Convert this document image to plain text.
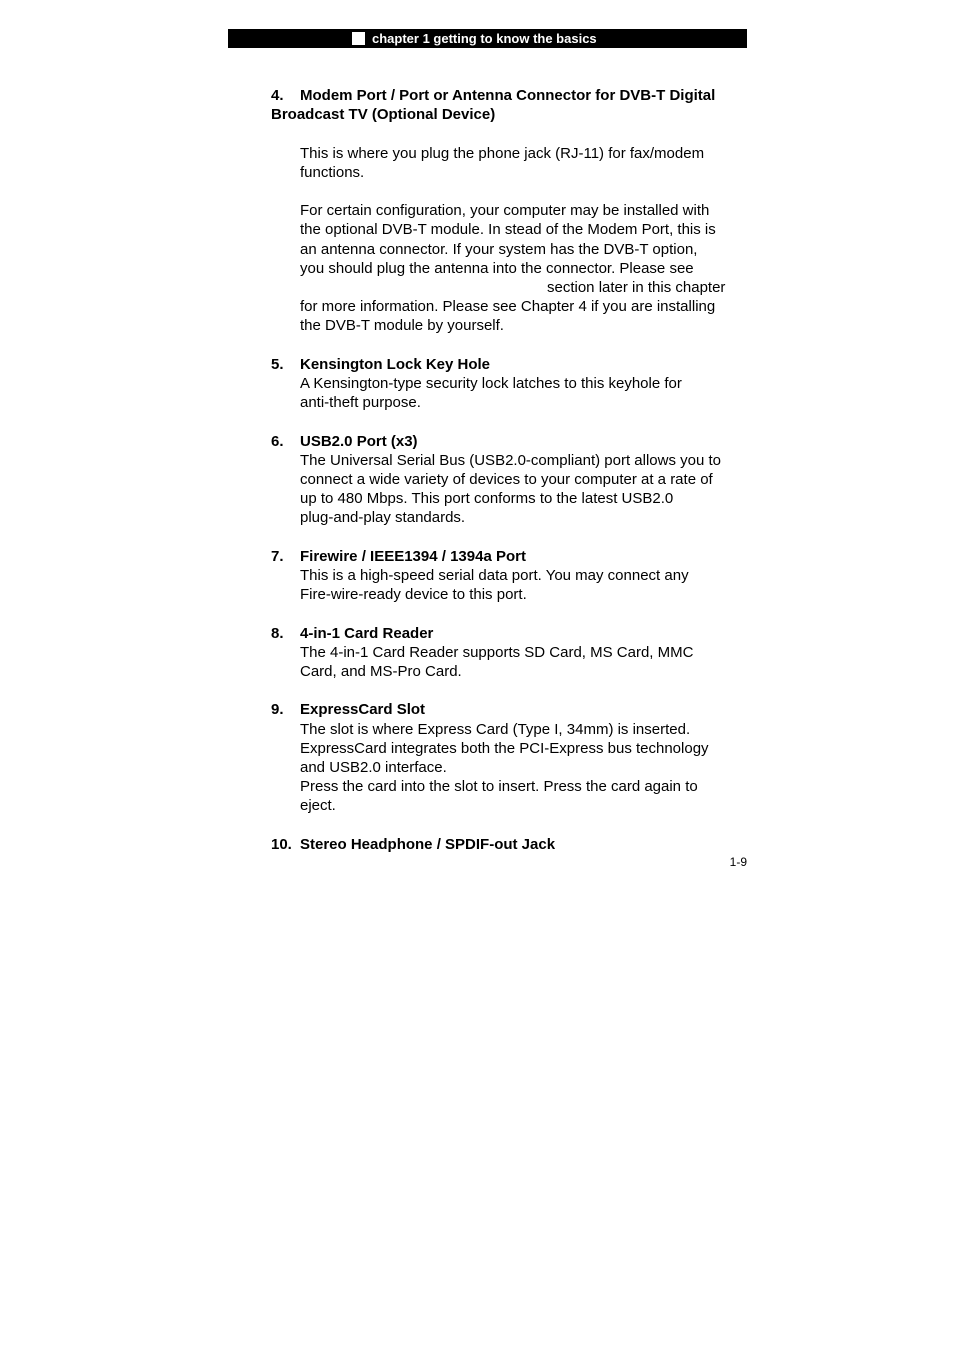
chapter 1 getting to know the basics
4. Modem Port / Port or Antenna Connector for DVB-T Digital
Broadcast TV (Optional Device)
This is where you plug the phone jack (RJ-11) for fax/modem
functions.
For certain configuration, your computer may be installed with
the optional DVB-T module. In stead of the Modem Port, this is
an antenna connector. If your system has the DVB-T option,
you should plug the antenna into the connector. Please see
section later in this chapter
for more information. Please see Chapter 4 if you are installing
the DVB-T module by yourself.
5.	Kensington Lock Key Hole
A Kensington-type security lock latches to this keyhole for
anti-theft purpose.
6.	USB2.0 Port (x3)
The Universal Serial Bus (USB2.0-compliant) port allows you to
connect a wide variety of devices to your computer at a rate of
up to 480 Mbps. This port conforms to the latest USB2.0
plug-and-play standards.
7.	Firewire / IEEE1394 / 1394a Port
This is a high-speed serial data port. You may connect any
Fire-wire-ready device to this port.
8.	4-in-1 Card Reader
The 4-in-1 Card Reader supports SD Card, MS Card, MMC
Card, and MS-Pro Card.
9.	ExpressCard Slot
The slot is where Express Card (Type I, 34mm) is inserted.
ExpressCard integrates both the PCI-Express bus technology
and USB2.0 interface.
Press the card into the slot to insert. Press the card again to
eject.
10. Stereo Headphone / SPDIF-out Jack
1-9
